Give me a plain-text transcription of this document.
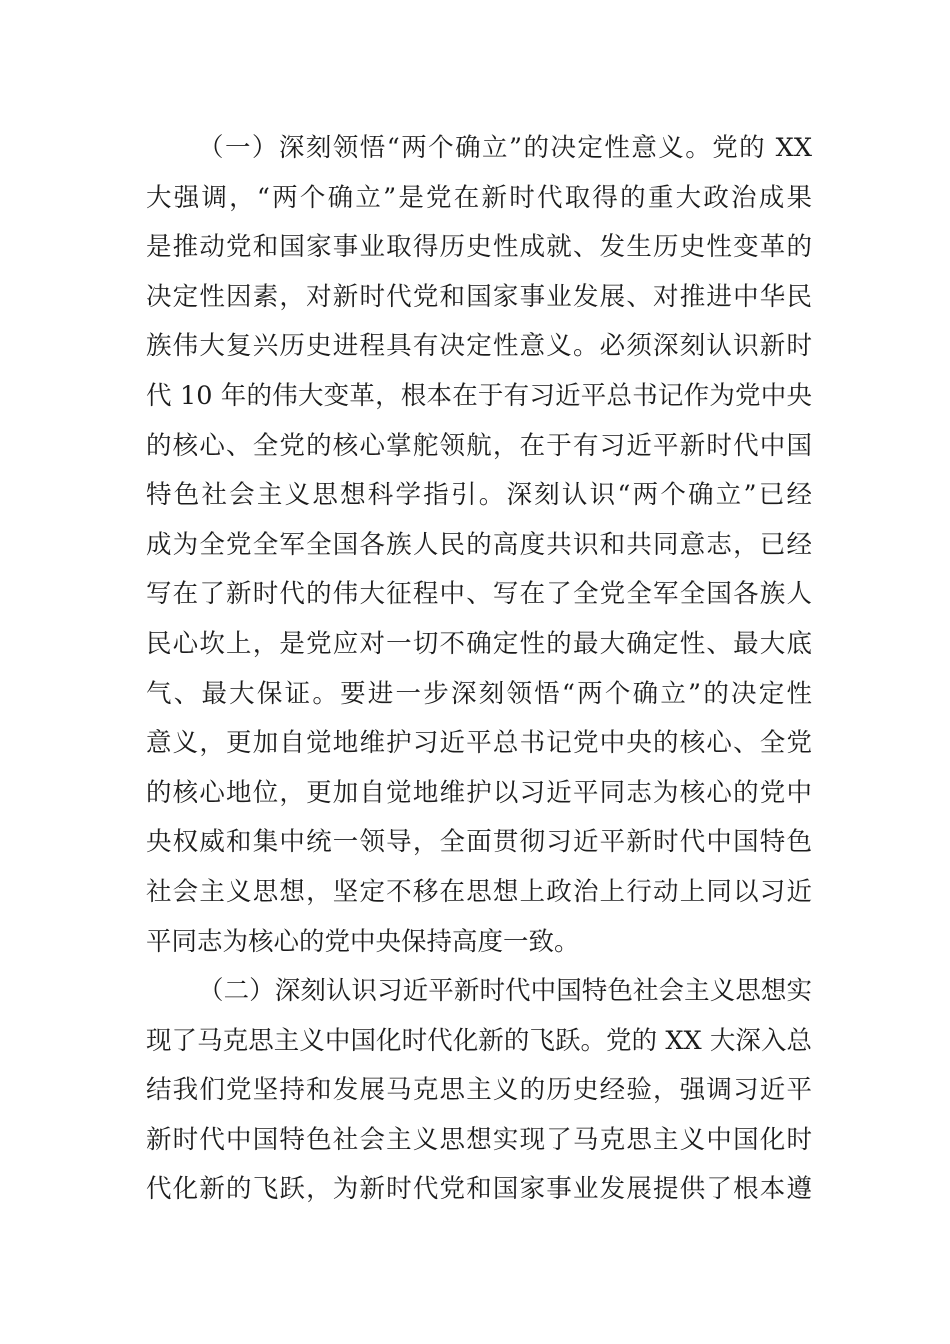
（一）深刻领悟“两个确立”的决定性意义。党的 XX
大强调，“两个确立”是党在新时代取得的重大政治成果
是推动党和国家事业取得历史性成就、发生历史性变革的
决定性因素，对新时代党和国家事业发展、对推进中华民
族伟大复兴历史进程具有决定性意义。必须深刻认识新时
代 10 年的伟大变革，根本在于有习近平总书记作为党中央
的核心、全党的核心掌舵领航，在于有习近平新时代中国
特色社会主义思想科学指引。深刻认识“两个确立”已经
成为全党全军全国各族人民的高度共识和共同意志，已经
写在了新时代的伟大征程中、写在了全党全军全国各族人
民心坎上，是党应对一切不确定性的最大确定性、最大底
气、最大保证。要进一步深刻领悟“两个确立”的决定性
意义，更加自觉地维护习近平总书记党中央的核心、全党
的核心地位，更加自觉地维护以习近平同志为核心的党中
央权威和集中统一领导，全面贯彻习近平新时代中国特色
社会主义思想，坚定不移在思想上政治上行动上同以习近
平同志为核心的党中央保持高度一致。
（二）深刻认识习近平新时代中国特色社会主义思想实
现了马克思主义中国化时代化新的飞跃。党的 XX 大深入总
结我们党坚持和发展马克思主义的历史经验，强调习近平
新时代中国特色社会主义思想实现了马克思主义中国化时
代化新的飞跃，为新时代党和国家事业发展提供了根本遵
